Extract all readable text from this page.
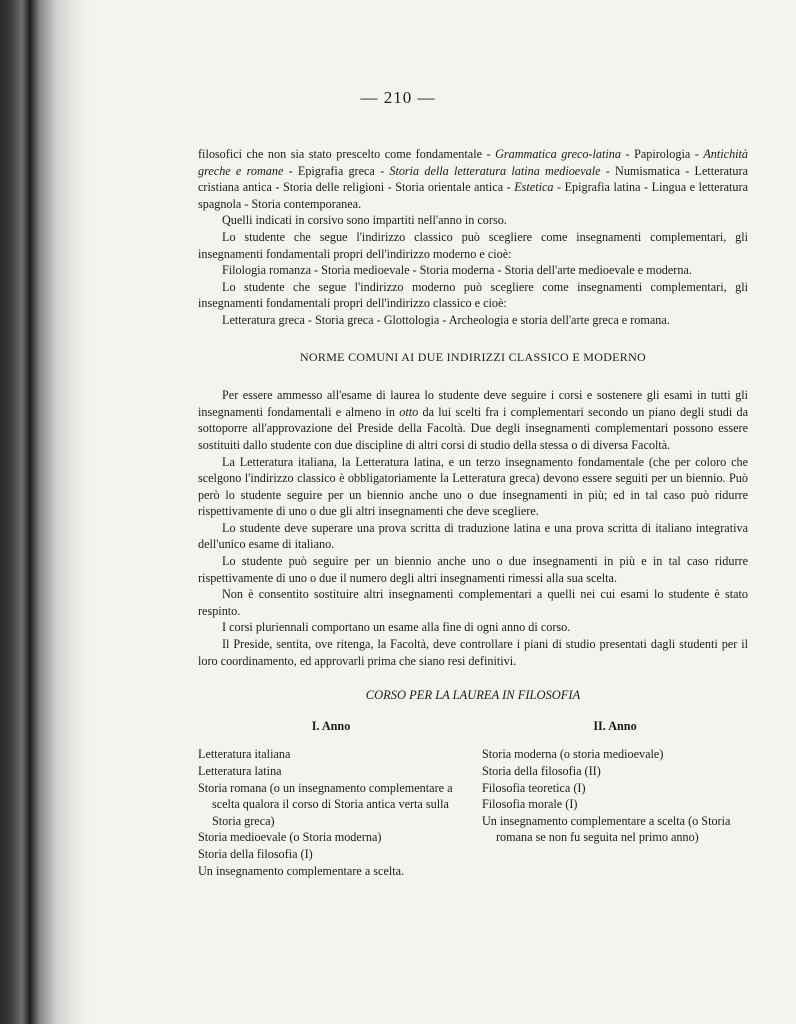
— 210 —

filosofici che non sia stato prescelto come fondamentale - Grammatica greco-latina - Papirologia - Antichità greche e romane - Epigrafia greca - Storia della letteratura latina medioevale - Numismatica - Letteratura cristiana antica - Storia delle religioni - Storia orientale antica - Estetica - Epigrafia latina - Lingua e letteratura spagnola - Storia contemporanea.

Quelli indicati in corsivo sono impartiti nell'anno in corso.

Lo studente che segue l'indirizzo classico può scegliere come insegnamenti complementari, gli insegnamenti fondamentali propri dell'indirizzo moderno e cioè:

Filologia romanza - Storia medioevale - Storia moderna - Storia dell'arte medioevale e moderna.

Lo studente che segue l'indirizzo moderno può scegliere come insegnamenti complementari, gli insegnamenti fondamentali propri dell'indirizzo classico e cioè:

Letteratura greca - Storia greca - Glottologia - Archeologia e storia dell'arte greca e romana.

NORME COMUNI AI DUE INDIRIZZI CLASSICO E MODERNO

Per essere ammesso all'esame di laurea lo studente deve seguire i corsi e sostenere gli esami in tutti gli insegnamenti fondamentali e almeno in otto da lui scelti fra i complementari secondo un piano degli studi da sottoporre all'approvazione del Preside della Facoltà. Due degli insegnamenti complementari possono essere sostituiti dallo studente con due discipline di altri corsi di studio della stessa o di diversa Facoltà.

La Letteratura italiana, la Letteratura latina, e un terzo insegnamento fondamentale (che per coloro che scelgono l'indirizzo classico è obbligatoriamente la Letteratura greca) devono essere seguiti per un biennio. Può però lo studente seguire per un biennio anche uno o due insegnamenti in più; ed in tal caso può ridurre rispettivamente di uno o due gli altri insegnamenti che deve scegliere.

Lo studente deve superare una prova scritta di traduzione latina e una prova scritta di italiano integrativa dell'unico esame di italiano.

Lo studente può seguire per un biennio anche uno o due insegnamenti in più e in tal caso ridurre rispettivamente di uno o due il numero degli altri insegnamenti rimessi alla sua scelta.

Non è consentito sostituire altri insegnamenti complementari a quelli nei cui esami lo studente è stato respinto.

I corsi pluriennali comportano un esame alla fine di ogni anno di corso.

Il Preside, sentita, ove ritenga, la Facoltà, deve controllare i piani di studio presentati dagli studenti per il loro coordinamento, ed approvarli prima che siano resi definitivi.

CORSO PER LA LAUREA IN FILOSOFIA

I. Anno

Letteratura italiana

Letteratura latina

Storia romana (o un insegnamento complementare a scelta qualora il corso di Storia antica verta sulla Storia greca)

Storia medioevale (o Storia moderna)

Storia della filosofia (I)

Un insegnamento complementare a scelta.

II. Anno

Storia moderna (o storia medioevale)

Storia della filosofia (II)

Filosofia teoretica (I)

Filosofia morale (I)

Un insegnamento complementare a scelta (o Storia romana se non fu seguita nel primo anno)
